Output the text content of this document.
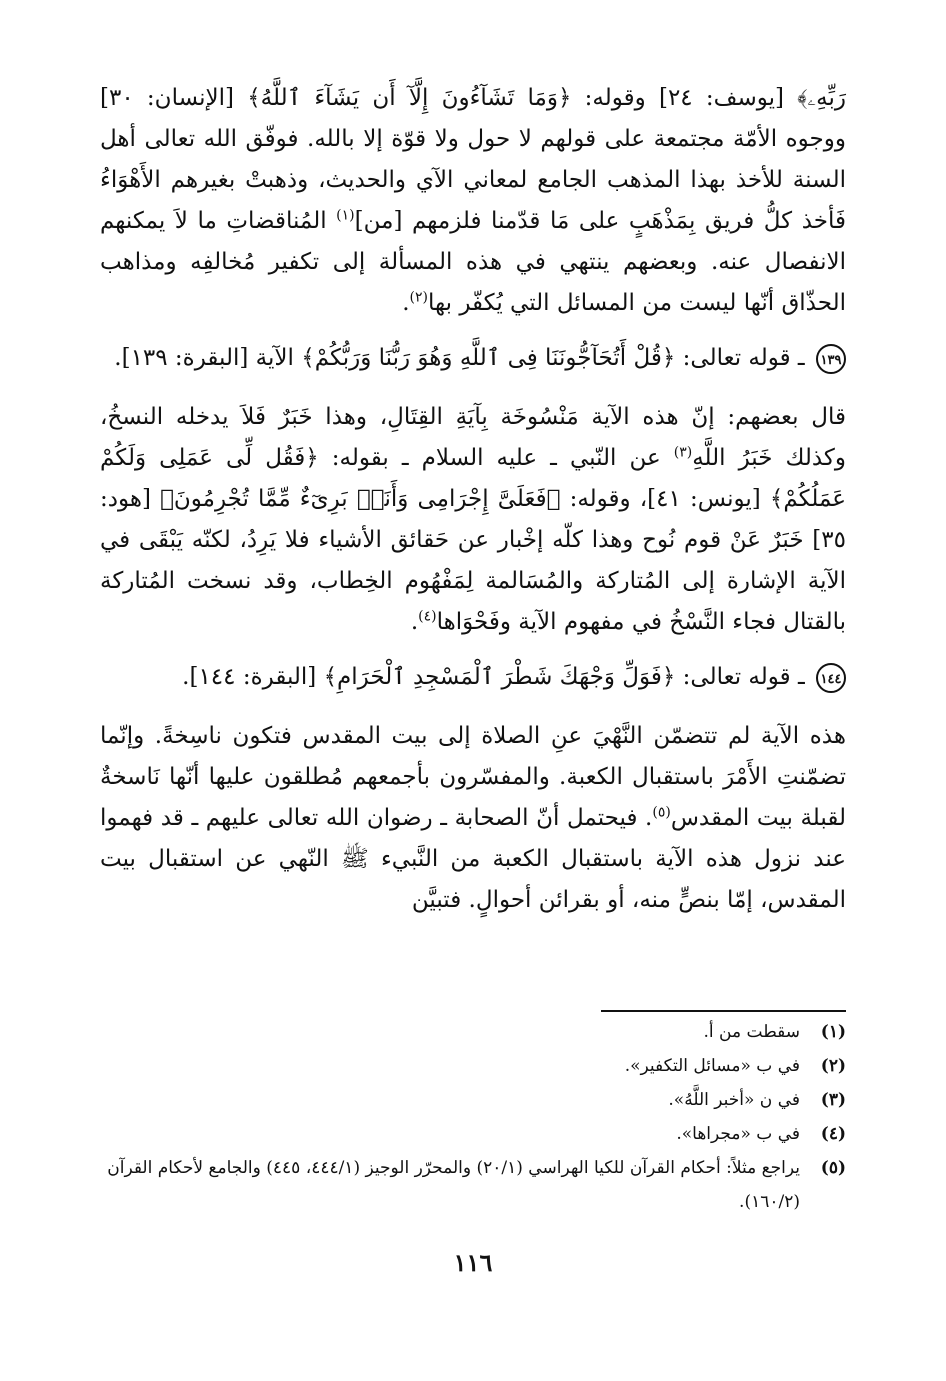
رَبِّهِۦ﴾ [يوسف: ٢٤] وقوله: ﴿وَمَا تَشَآءُونَ إِلَّآ أَن يَشَآءَ ٱللَّهُ﴾ [الإنسان: ٣٠] ووجوه الأمّة مجتمعة على قولهم لا حول ولا قوّة إلا بالله. فوفّق الله تعالى أهل السنة للأخذ بهذا المذهب الجامع لمعاني الآي والحديث، وذهبتْ بغيرهم الأَهْوَاءُ فَأخذ كلُّ فريق بِمَذْهَبٍ على مَا قدّمنا فلزمهم [من]$^{(١)}$ المُناقضاتِ ما لاَ يمكنهم الانفصال عنه. وبعضهم ينتهي في هذه المسألة إلى تكفير مُخالفِه ومذاهب الحذّاق أنّها ليست من المسائل التي يُكفّر بها$^{(٢)}$.

١٣٩ ـ قوله تعالى: ﴿قُلْ أَتُحَآجُّونَنَا فِى ٱللَّهِ وَهُوَ رَبُّنَا وَرَبُّكُمْ﴾ الآية [البقرة: ١٣٩].

قال بعضهم: إنّ هذه الآية مَنْسُوخَة بِآيَةِ القِتَالِ، وهذا خَبَرٌ فَلاَ يدخله النسخُ، وكذلك خَبَرُ اللَّهِ$^{(٣)}$ عن النّبي ـ عليه السلام ـ بقوله: ﴿فَقُل لِّى عَمَلِى وَلَكُمْ عَمَلُكُمْ﴾ [يونس: ٤١]، وقوله: ﴿فَعَلَىَّ إِجْرَامِى وَأَنَا۠ بَرِىٓءٌ مِّمَّا تُجْرِمُونَ﴾ [هود: ٣٥] خَبَرٌ عَنْ قوم نُوح وهذا كلّه إخْبار عن حَقائق الأشياء فلا يَرِدُ، لكنّه يَبْقَى في الآية الإشارة إلى المُتاركة والمُسَالمة لِمَفْهُوم الخِطاب، وقد نسخت المُتاركة بالقتال فجاء النَّسْخُ في مفهوم الآية وفَحْوَاها$^{(٤)}$.

١٤٤ ـ قوله تعالى: ﴿فَوَلِّ وَجْهَكَ شَطْرَ ٱلْمَسْجِدِ ٱلْحَرَامِ﴾ [البقرة: ١٤٤].

هذه الآية لم تتضمّن النَّهْيَ عنِ الصلاة إلى بيت المقدس فتكون ناسِخةً. وإنّما تضمّنتِ الأَمْرَ باستقبال الكعبة. والمفسّرون بأجمعهم مُطلقون عليها أنّها نَاسخةٌ لقبلة بيت المقدس$^{(٥)}$. فيحتمل أنّ الصحابة ـ رضوان الله تعالى عليهم ـ قد فهموا عند نزول هذه الآية باستقبال الكعبة من النَّبيء ﷺ النّهي عن استقبال بيت المقدس، إمّا بنصٍّ منه، أو بقرائن أحوالٍ. فتبيَّن

(١)
سقطت من أ.
(٢)
في ب «مسائل التكفير».
(٣)
في ن «أخبر اللَّهُ».
(٤)
في ب «مجراها».
(٥)
يراجع مثلاً: أحكام القرآن للكيا الهراسي (٢٠/١) والمحرّر الوجيز (٤٤٤/١، ٤٤٥) والجامع لأحكام القرآن (١٦٠/٢).
١١٦
